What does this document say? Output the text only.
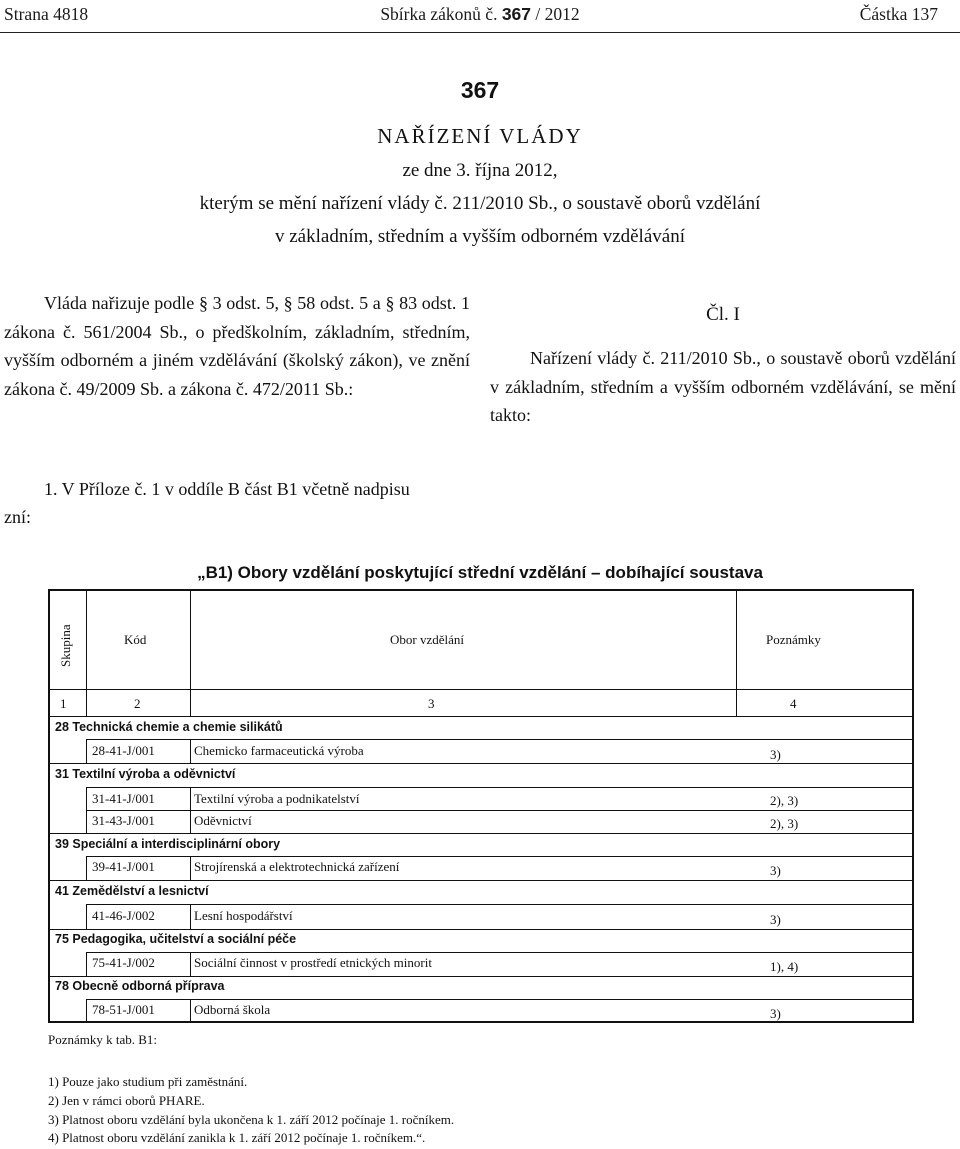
Strana 4818	Sbírka zákonů č. 367 / 2012	Částka 137
367
NAŘÍZENÍ VLÁDY
ze dne 3. října 2012,
kterým se mění nařízení vlády č. 211/2010 Sb., o soustavě oborů vzdělání
v základním, středním a vyšším odborném vzdělávání
Vláda nařizuje podle § 3 odst. 5, § 58 odst. 5 a § 83 odst. 1 zákona č. 561/2004 Sb., o předškolním, základním, středním, vyšším odborném a jiném vzdělávání (školský zákon), ve znění zákona č. 49/2009 Sb. a zákona č. 472/2011 Sb.:
Čl. I
Nařízení vlády č. 211/2010 Sb., o soustavě oborů vzdělání v základním, středním a vyšším odborném vzdělávání, se mění takto:
1. V Příloze č. 1 v oddíle B část B1 včetně nadpisu
zní:
„B1) Obory vzdělání poskytující střední vzdělání – dobíhající soustava
Skupina	Kód	Obor vzdělání	Poznámky
1	2	3	4
28 Technická chemie a chemie silikátů
28-41-J/001	Chemicko farmaceutická výroba	3)
31 Textilní výroba a oděvnictví
31-41-J/001	Textilní výroba a podnikatelství	2), 3)
31-43-J/001	Oděvnictví	2), 3)
39 Speciální a interdisciplinární obory
39-41-J/001	Strojírenská a elektrotechnická zařízení	3)
41 Zemědělství a lesnictví
41-46-J/002	Lesní hospodářství	3)
75 Pedagogika, učitelství a sociální péče
75-41-J/002	Sociální činnost v prostředí etnických minorit	1), 4)
78 Obecně odborná příprava
78-51-J/001	Odborná škola	3)
Poznámky k tab. B1:
1) Pouze jako studium při zaměstnání.
2) Jen v rámci oborů PHARE.
3) Platnost oboru vzdělání byla ukončena k 1. září 2012 počínaje 1. ročníkem.
4) Platnost oboru vzdělání zanikla k 1. září 2012 počínaje 1. ročníkem.“.
